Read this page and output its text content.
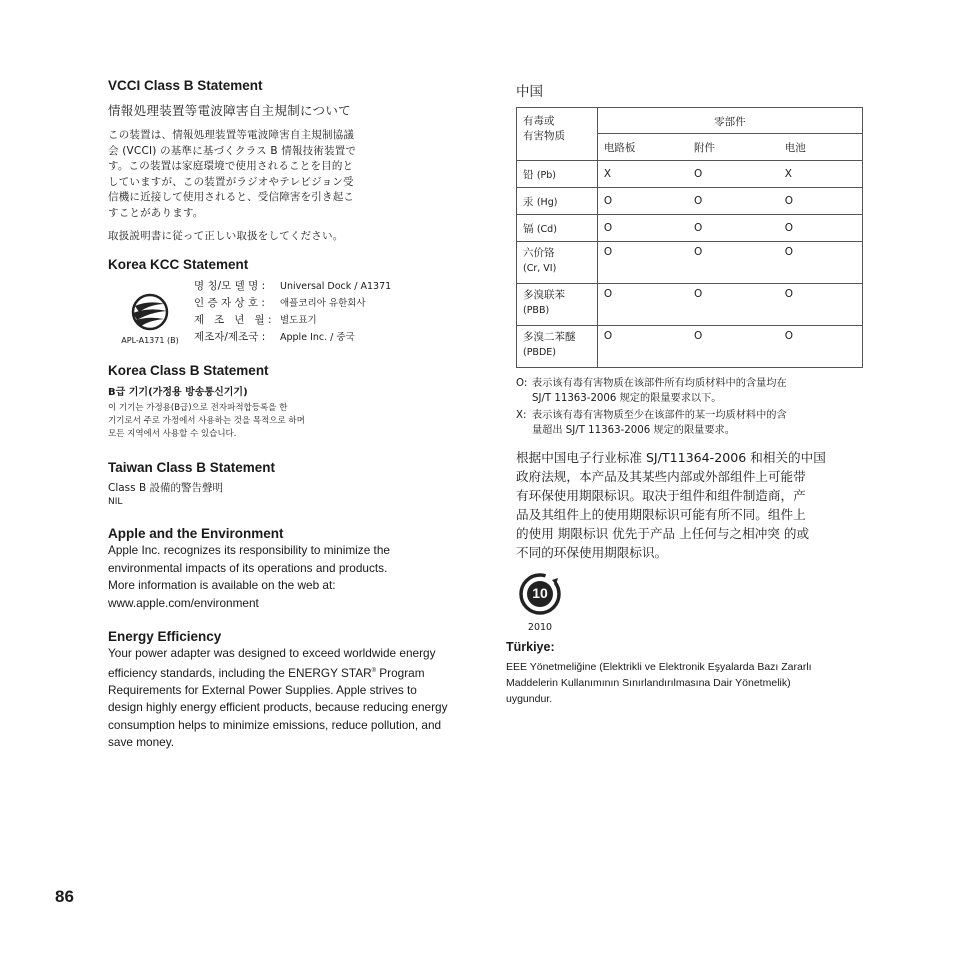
VCCI Class B Statement

情報処理装置等電波障害自主規制について

この装置は、情報処理装置等電波障害自主規制協議
会 (VCCI) の基準に基づくクラス B 情報技術装置で
す。この装置は家庭環境で使用されることを目的と
していますが、この装置がラジオやテレビジョン受
信機に近接して使用されると、受信障害を引き起こ
すことがあります。

取扱説明書に従って正しい取扱をしてください。

Korea KCC Statement
APL-A1371 (B)
명 칭/모 델 명 :	Universal Dock / A1371
인 증 자 상 호 :	애플코리아 유한회사
제   조   년   월 : 별도표기
제조자/제조국 :	Apple Inc. / 중국
Korea Class B Statement

B급 기기(가정용 방송통신기기)

이 기기는 가정용(B급)으로 전자파적합등록을 한
기기로서 주로 가정에서 사용하는 것을 목적으로 하며
모든 지역에서 사용할 수 있습니다.
Taiwan Class B Statement

Class B 設備的警告聲明

NIL

Apple and the Environment
Apple Inc. recognizes its responsibility to minimize the
environmental impacts of its operations and products.
More information is available on the web at:
www.apple.com/environment
Energy Efficiency
Your power adapter was designed to exceed worldwide energy
efficiency standards, including the ENERGY STAR® Program
Requirements for External Power Supplies. Apple strives to
design highly energy efficient products, because reducing energy
consumption helps to minimize emissions, reduce pollution, and
save money.
中国
有毒或
有害物质	零部件		
	电路板	附件	电池
铅 (Pb)	X	O	X
汞 (Hg)	O	O	O
镉 (Cd)	O	O	O

六价铬
(Cr, VI)	O	O	O

多溴联苯
(PBB)	O	O	O

多溴二苯醚
(PBDE)	O	O	O
O: 表示该有毒有害物质在该部件所有均质材料中的含量均在
SJ/T 11363-2006 规定的限量要求以下。
X: 表示该有毒有害物质至少在该部件的某一均质材料中的含
量超出 SJ/T 11363-2006 规定的限量要求。
根据中国电子行业标准 SJ/T11364-2006 和相关的中国
政府法规，本产品及其某些内部或外部组件上可能带
有环保使用期限标识。取决于组件和组件制造商，产
品及其组件上的使用期限标识可能有所不同。组件上
的使用 期限标识 优先于产品 上任何与之相冲突 的或
不同的环保使用期限标识。
10
2010
Türkiye:
EEE Yönetmeliğine (Elektrikli ve Elektronik Eşyalarda Bazı Zararlı
Maddelerin Kullanımının Sınırlandırılmasına Dair Yönetmelik)
uygundur.
86
